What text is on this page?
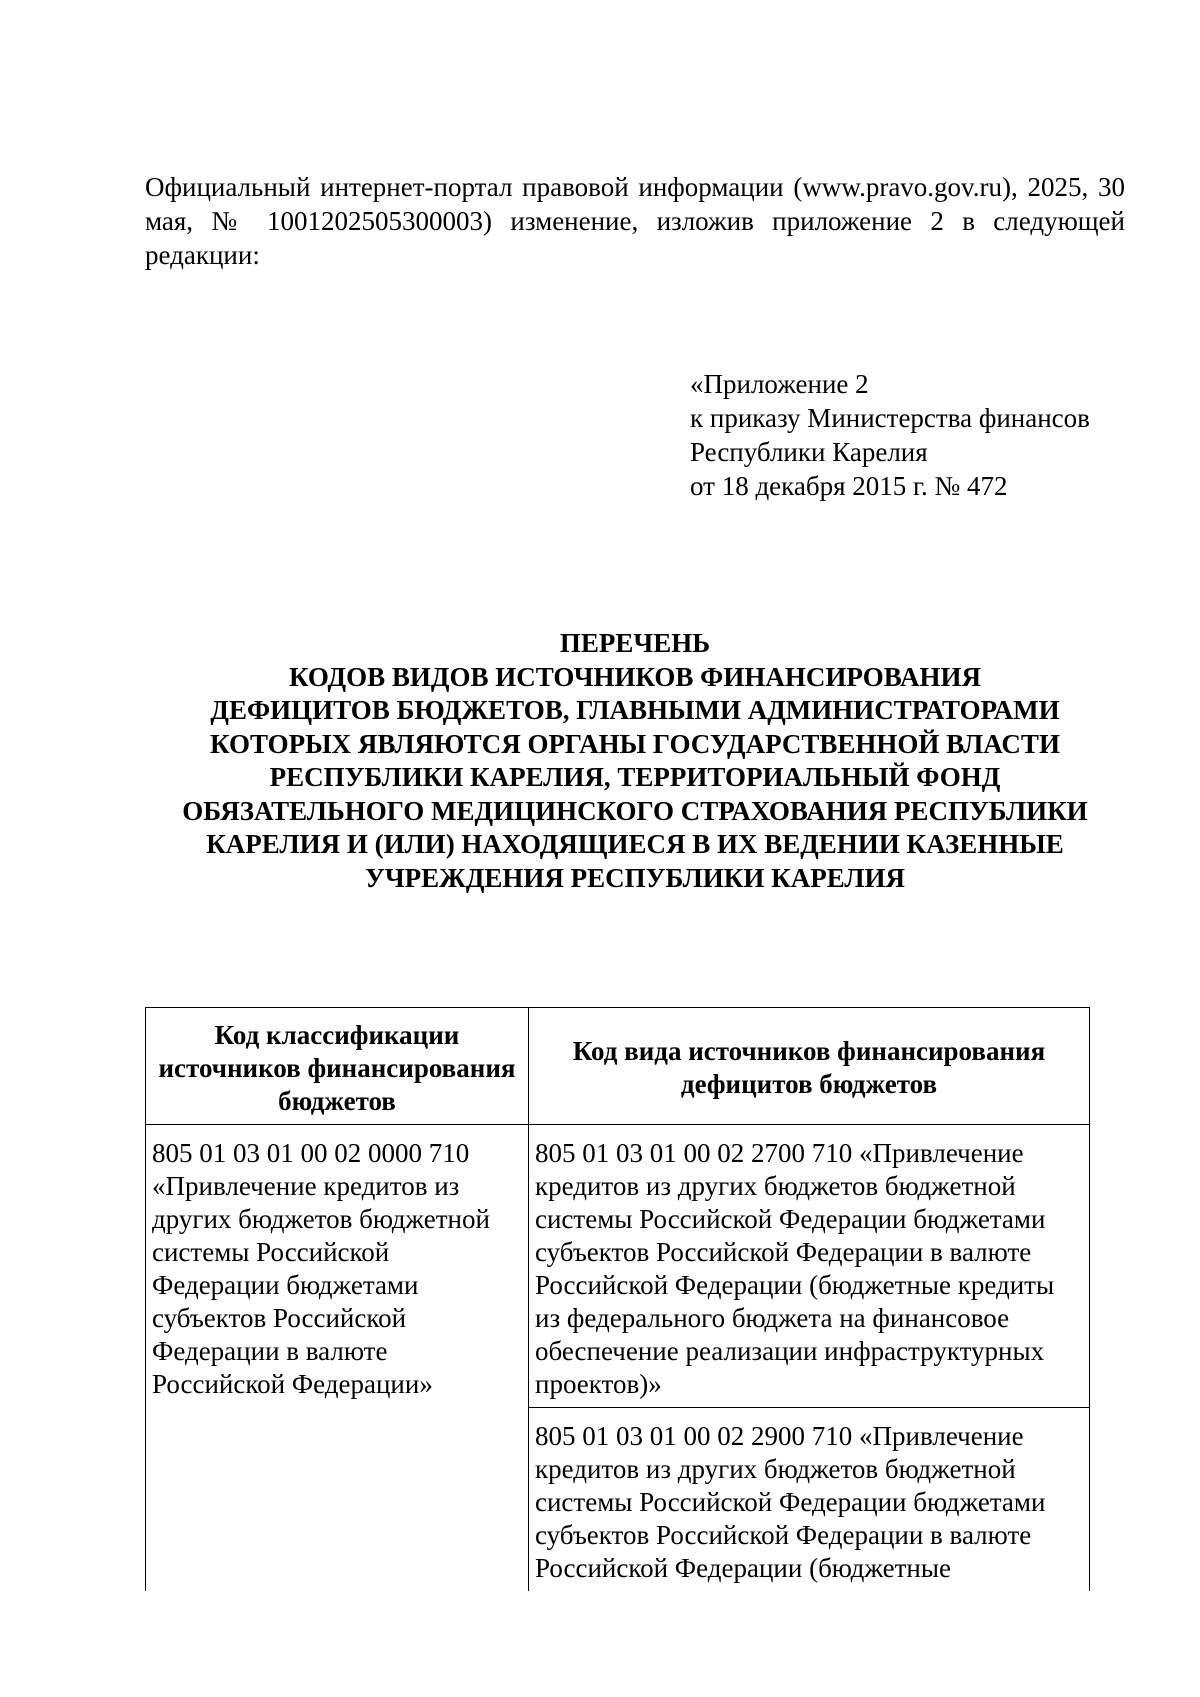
Официальный интернет-портал правовой информации (www.pravo.gov.ru), 2025, 30 мая, № 1001202505300003) изменение, изложив приложение 2 в следующей редакции:

«Приложение 2
к приказу Министерства финансов
Республики Карелия
от 18 декабря 2015 г. № 472
ПЕРЕЧЕНЬ
КОДОВ ВИДОВ ИСТОЧНИКОВ ФИНАНСИРОВАНИЯ
ДЕФИЦИТОВ БЮДЖЕТОВ, ГЛАВНЫМИ АДМИНИСТРАТОРАМИ
КОТОРЫХ ЯВЛЯЮТСЯ ОРГАНЫ ГОСУДАРСТВЕННОЙ ВЛАСТИ
РЕСПУБЛИКИ КАРЕЛИЯ, ТЕРРИТОРИАЛЬНЫЙ ФОНД
ОБЯЗАТЕЛЬНОГО МЕДИЦИНСКОГО СТРАХОВАНИЯ РЕСПУБЛИКИ
КАРЕЛИЯ И (ИЛИ) НАХОДЯЩИЕСЯ В ИХ ВЕДЕНИИ КАЗЕННЫЕ
УЧРЕЖДЕНИЯ РЕСПУБЛИКИ КАРЕЛИЯ
Код классификации источников финансирования бюджетов	Код вида источников финансирования дефицитов бюджетов

805 01 03 01 00 02 0000 710 «Привлечение кредитов из других бюджетов бюджетной системы Российской Федерации бюджетами субъектов Российской Федерации в валюте Российской Федерации»	805 01 03 01 00 02 2700 710 «Привлечение кредитов из других бюджетов бюджетной системы Российской Федерации бюджетами субъектов Российской Федерации в валюте Российской Федерации (бюджетные кредиты из федерального бюджета на финансовое обеспечение реализации инфраструктурных проектов)»

	805 01 03 01 00 02 2900 710 «Привлечение кредитов из других бюджетов бюджетной системы Российской Федерации бюджетами субъектов Российской Федерации в валюте Российской Федерации (бюджетные
